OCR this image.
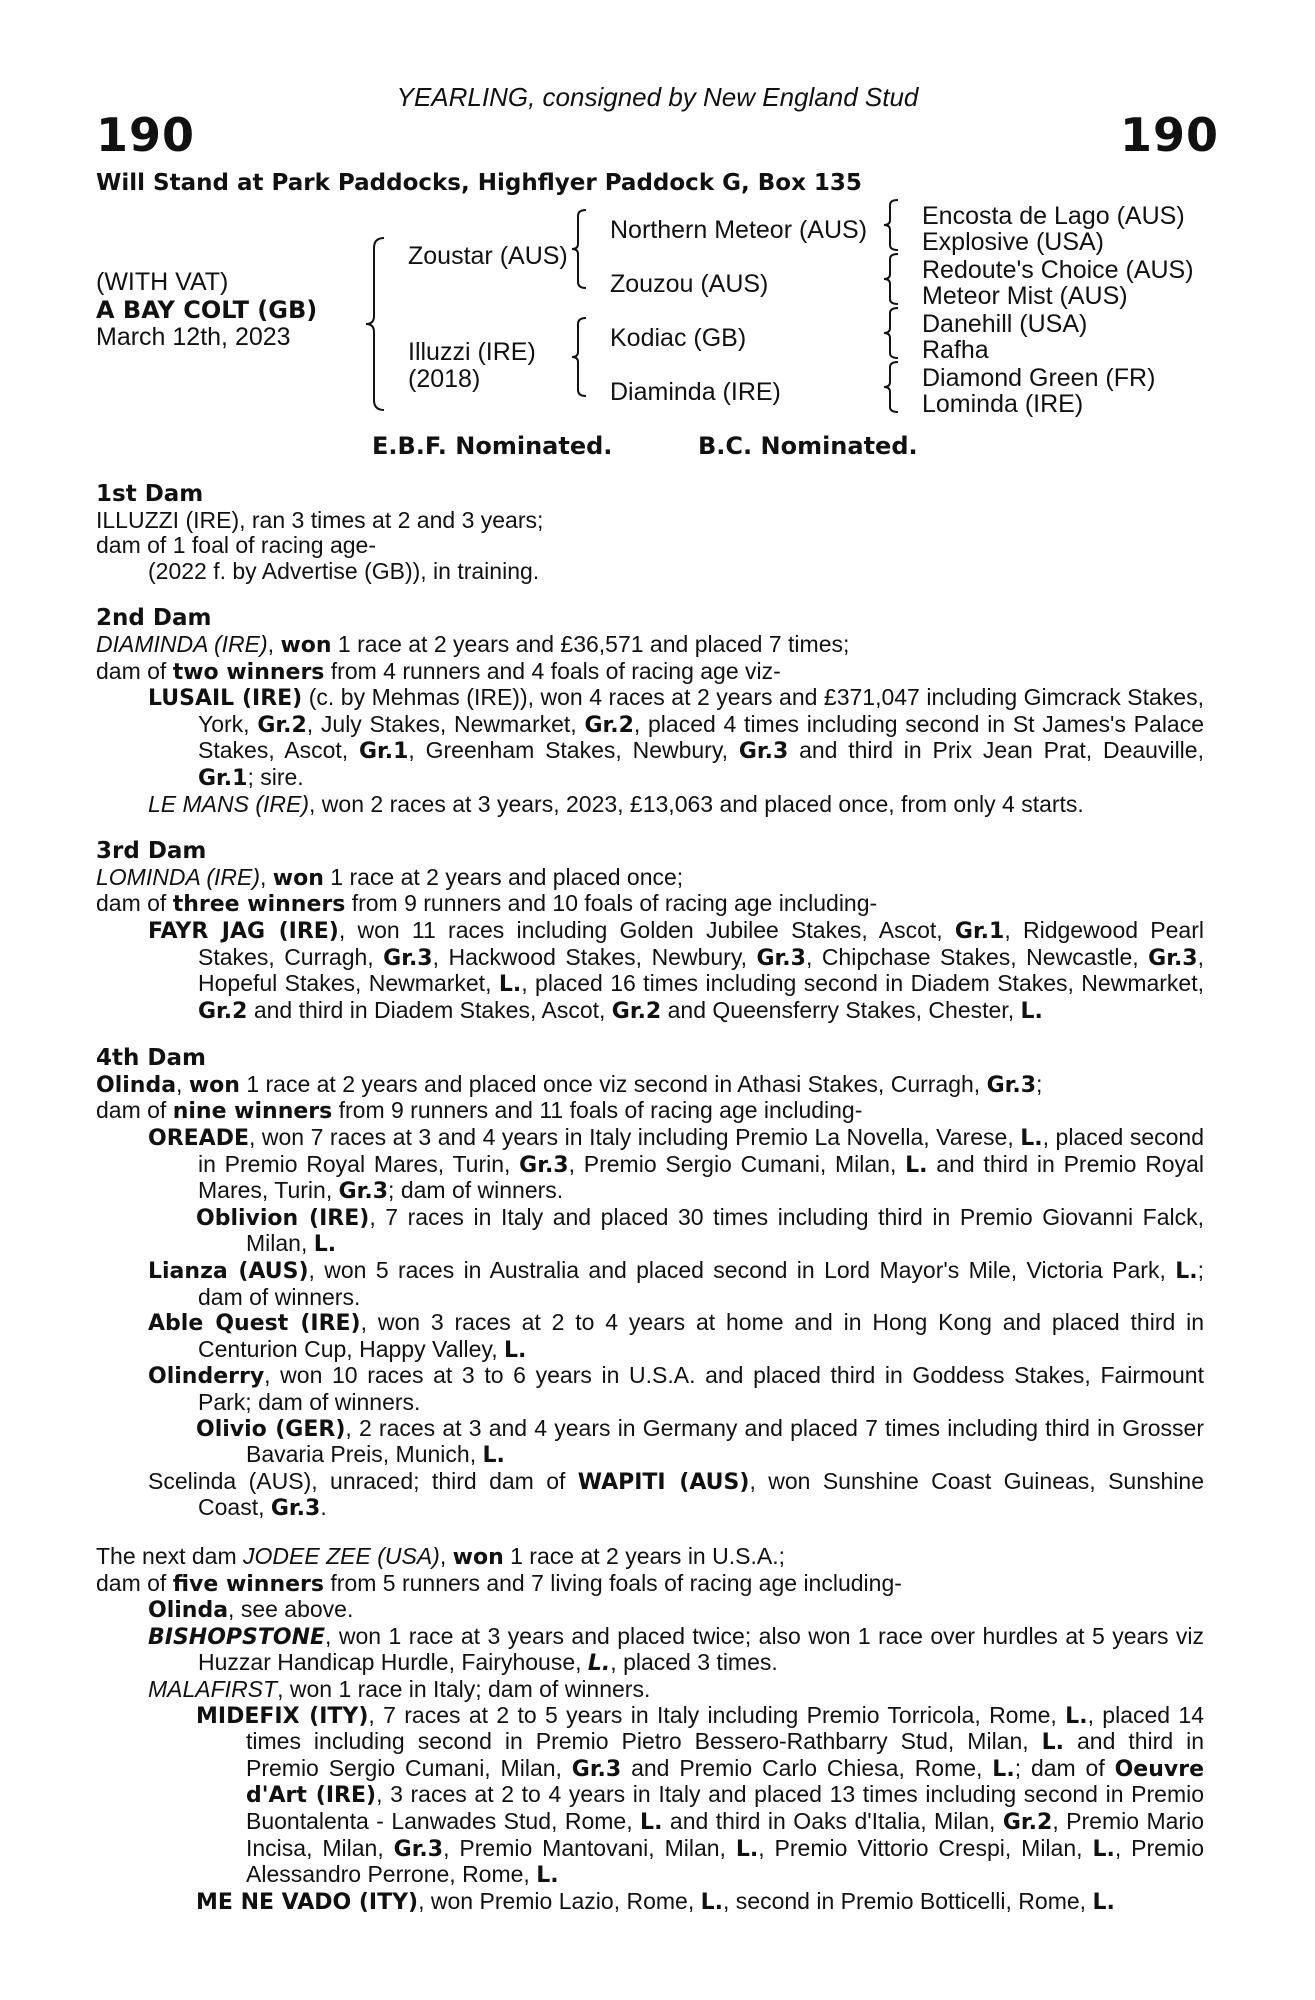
YEARLING, consigned by New England Stud
190	190
Will Stand at Park Paddocks, Highflyer Paddock G, Box 135
(WITH VAT)
A BAY COLT (GB)
March 12th, 2023
Zoustar (AUS)
Illuzzi (IRE)
(2018)
Northern Meteor (AUS)
Zouzou (AUS)
Kodiac (GB)
Diaminda (IRE)
Encosta de Lago (AUS)
Explosive (USA)
Redoute's Choice (AUS)
Meteor Mist (AUS)
Danehill (USA)
Rafha
Diamond Green (FR)
Lominda (IRE)
E.B.F. Nominated.	B.C. Nominated.

1st Dam

ILLUZZI (IRE), ran 3 times at 2 and 3 years;

dam of 1 foal of racing age-

(2022 f. by Advertise (GB)), in training.

2nd Dam

DIAMINDA (IRE), won 1 race at 2 years and £36,571 and placed 7 times;

dam of two winners from 4 runners and 4 foals of racing age viz-

LUSAIL (IRE) (c. by Mehmas (IRE)), won 4 races at 2 years and £371,047 including Gimcrack Stakes, York, Gr.2, July Stakes, Newmarket, Gr.2, placed 4 times including second in St James's Palace Stakes, Ascot, Gr.1, Greenham Stakes, Newbury, Gr.3 and third in Prix Jean Prat, Deauville, Gr.1; sire.

LE MANS (IRE), won 2 races at 3 years, 2023, £13,063 and placed once, from only 4 starts.

3rd Dam

LOMINDA (IRE), won 1 race at 2 years and placed once;

dam of three winners from 9 runners and 10 foals of racing age including-

FAYR JAG (IRE), won 11 races including Golden Jubilee Stakes, Ascot, Gr.1, Ridgewood Pearl Stakes, Curragh, Gr.3, Hackwood Stakes, Newbury, Gr.3, Chipchase Stakes, Newcastle, Gr.3, Hopeful Stakes, Newmarket, L., placed 16 times including second in Diadem Stakes, Newmarket, Gr.2 and third in Diadem Stakes, Ascot, Gr.2 and Queensferry Stakes, Chester, L.

4th Dam

Olinda, won 1 race at 2 years and placed once viz second in Athasi Stakes, Curragh, Gr.3;

dam of nine winners from 9 runners and 11 foals of racing age including-

OREADE, won 7 races at 3 and 4 years in Italy including Premio La Novella, Varese, L., placed second in Premio Royal Mares, Turin, Gr.3, Premio Sergio Cumani, Milan, L. and third in Premio Royal Mares, Turin, Gr.3; dam of winners.

Oblivion (IRE), 7 races in Italy and placed 30 times including third in Premio Giovanni Falck, Milan, L.

Lianza (AUS), won 5 races in Australia and placed second in Lord Mayor's Mile, Victoria Park, L.; dam of winners.

Able Quest (IRE), won 3 races at 2 to 4 years at home and in Hong Kong and placed third in Centurion Cup, Happy Valley, L.

Olinderry, won 10 races at 3 to 6 years in U.S.A. and placed third in Goddess Stakes, Fairmount Park; dam of winners.

Olivio (GER), 2 races at 3 and 4 years in Germany and placed 7 times including third in Grosser Bavaria Preis, Munich, L.

Scelinda (AUS), unraced; third dam of WAPITI (AUS), won Sunshine Coast Guineas, Sunshine Coast, Gr.3.

The next dam JODEE ZEE (USA), won 1 race at 2 years in U.S.A.;

dam of five winners from 5 runners and 7 living foals of racing age including-

Olinda, see above.

BISHOPSTONE, won 1 race at 3 years and placed twice; also won 1 race over hurdles at 5 years viz Huzzar Handicap Hurdle, Fairyhouse, L., placed 3 times.

MALAFIRST, won 1 race in Italy; dam of winners.

MIDEFIX (ITY), 7 races at 2 to 5 years in Italy including Premio Torricola, Rome, L., placed 14 times including second in Premio Pietro Bessero-Rathbarry Stud, Milan, L. and third in Premio Sergio Cumani, Milan, Gr.3 and Premio Carlo Chiesa, Rome, L.; dam of Oeuvre d'Art (IRE), 3 races at 2 to 4 years in Italy and placed 13 times including second in Premio Buontalenta - Lanwades Stud, Rome, L. and third in Oaks d'Italia, Milan, Gr.2, Premio Mario Incisa, Milan, Gr.3, Premio Mantovani, Milan, L., Premio Vittorio Crespi, Milan, L., Premio Alessandro Perrone, Rome, L.

ME NE VADO (ITY), won Premio Lazio, Rome, L., second in Premio Botticelli, Rome, L.
